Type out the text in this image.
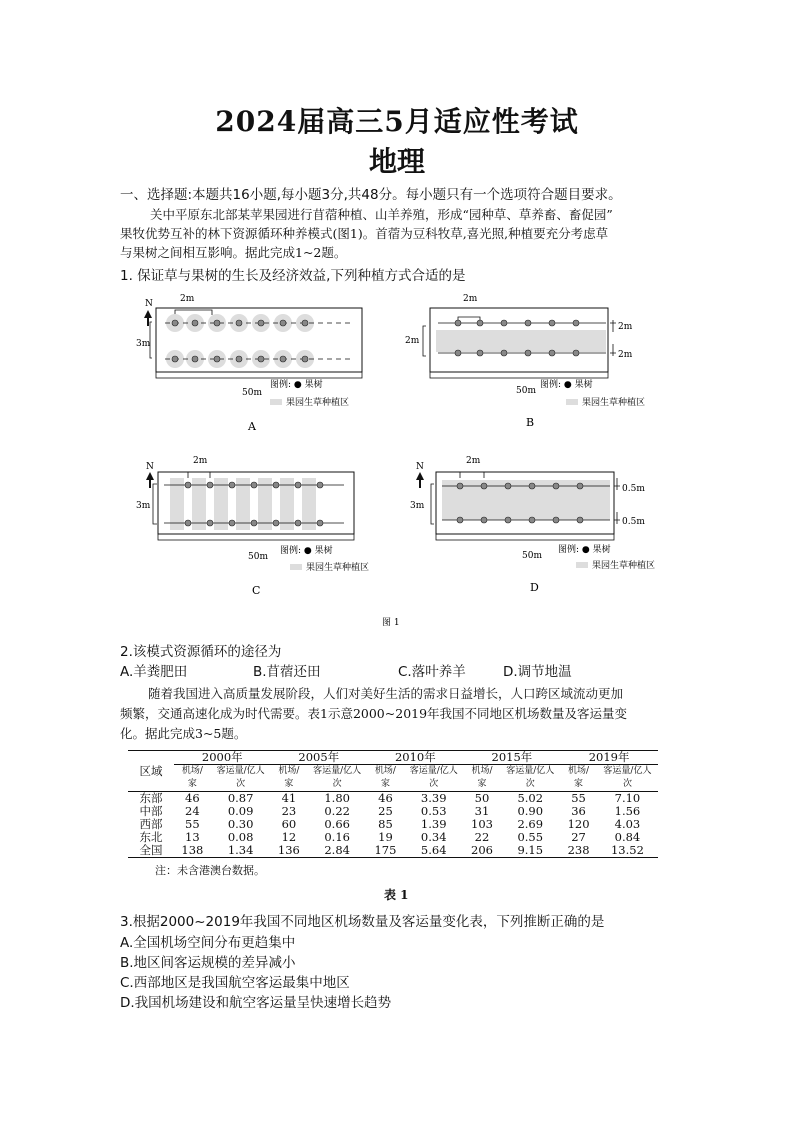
2024届高三5月适应性考试
地理
一、选择题:本题共16小题,每小题3分,共48分。每小题只有一个选项符合题目要求。
关中平原东北部某苹果园进行苜蓿种植、山羊养殖，形成“园种草、草养畜、畜促园”
果牧优势互补的林下资源循环种养模式(图1)。首蓿为豆科牧草,喜光照,种植要充分考虑草
与果树之间相互影响。据此完成1~2题。
1. 保证草与果树的生长及经济效益,下列种植方式合适的是
N	2m
3m
50m
图例: ● 果树
果园生草种植区
A
2m
2m
2m
2m
50m
图例: ● 果树
果园生草种植区
B
N
2m
3m
50m
图例: ● 果树
果园生草种植区
C
N
2m
3m
0.5m
0.5m
50m
图例: ● 果树
果园生草种植区
D
图 1
2.该模式资源循环的途径为
A.羊粪肥田	B.苜蓿还田	C.落叶养羊	D.调节地温
随着我国进入高质量发展阶段，人们对美好生活的需求日益增长，人口跨区域流动更加
频繁，交通高速化成为时代需要。表1示意2000~2019年我国不同地区机场数量及客运量变
化。据此完成3~5题。
区域	2000年		2005年		2010年		2015年		2019年	
	机场/家	客运量/亿人次	机场/家	客运量/亿人次	机场/家	客运量/亿人次	机场/家	客运量/亿人次	机场/家	客运量/亿人次
东部	46	0.87	41	1.80	46	3.39	50	5.02	55	7.10
中部	24	0.09	23	0.22	25	0.53	31	0.90	36	1.56
西部	55	0.30	60	0.66	85	1.39	103	2.69	120	4.03
东北	13	0.08	12	0.16	19	0.34	22	0.55	27	0.84
全国	138	1.34	136	2.84	175	5.64	206	9.15	238	13.52
注：未含港澳台数据。
表 1
3.根据2000~2019年我国不同地区机场数量及客运量变化表，下列推断正确的是
A.全国机场空间分布更趋集中
B.地区间客运规模的差异减小
C.西部地区是我国航空客运最集中地区
D.我国机场建设和航空客运量呈快速增长趋势
